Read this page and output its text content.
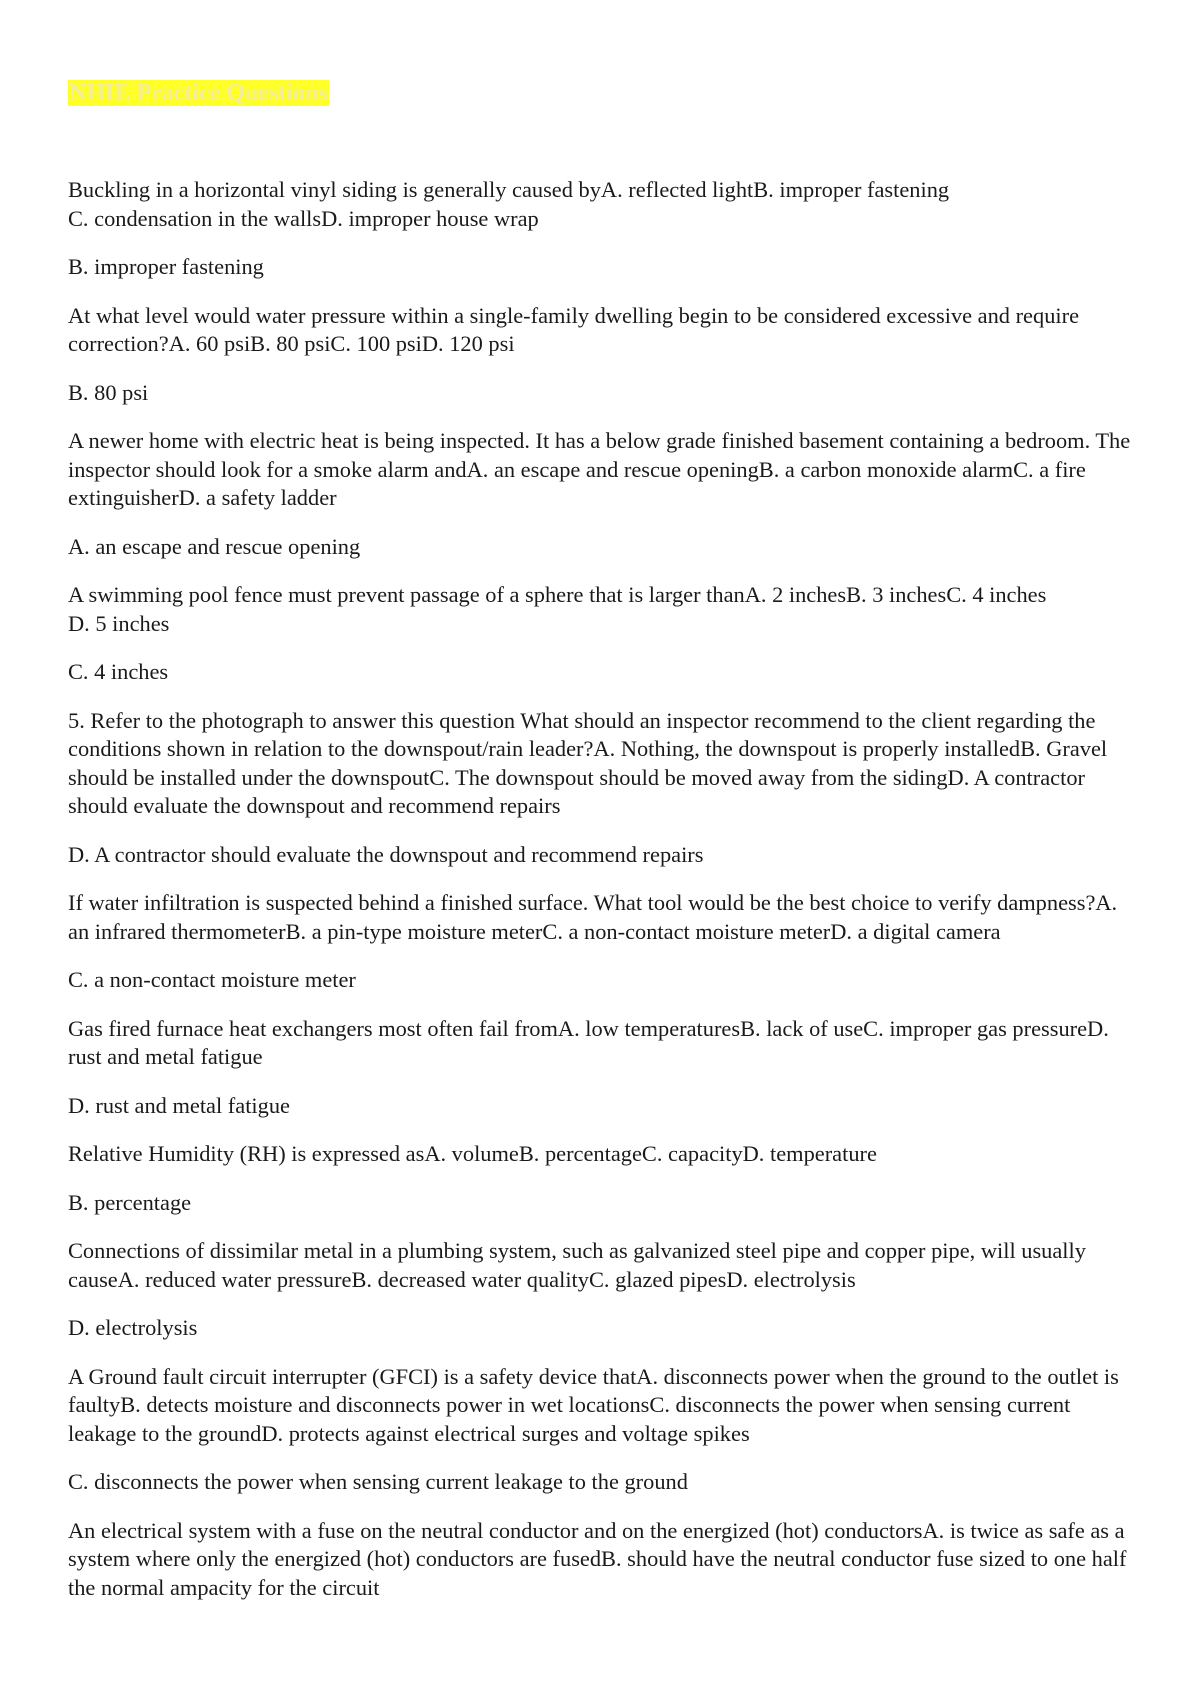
NHIE Practice Questions

Buckling in a horizontal vinyl siding is generally caused byA. reflected lightB. improper fastening
C. condensation in the wallsD. improper house wrap

B. improper fastening

At what level would water pressure within a single-family dwelling begin to be considered excessive and require correction?A. 60 psiB. 80 psiC. 100 psiD. 120 psi

B. 80 psi

A newer home with electric heat is being inspected. It has a below grade finished basement containing a bedroom. The inspector should look for a smoke alarm andA. an escape and rescue openingB. a carbon monoxide alarmC. a fire extinguisherD. a safety ladder

A. an escape and rescue opening

A swimming pool fence must prevent passage of a sphere that is larger thanA. 2 inchesB. 3 inchesC. 4 inches
D. 5 inches

C. 4 inches

5. Refer to the photograph to answer this question What should an inspector recommend to the client regarding the conditions shown in relation to the downspout/rain leader?A. Nothing, the downspout is properly installedB. Gravel should be installed under the downspoutC. The downspout should be moved away from the sidingD. A contractor should evaluate the downspout and recommend repairs

D. A contractor should evaluate the downspout and recommend repairs

If water infiltration is suspected behind a finished surface. What tool would be the best choice to verify dampness?A. an infrared thermometerB. a pin-type moisture meterC. a non-contact moisture meterD. a digital camera

C. a non-contact moisture meter

Gas fired furnace heat exchangers most often fail fromA. low temperaturesB. lack of useC. improper gas pressureD. rust and metal fatigue

D. rust and metal fatigue

Relative Humidity (RH) is expressed asA. volumeB. percentageC. capacityD. temperature

B. percentage

Connections of dissimilar metal in a plumbing system, such as galvanized steel pipe and copper pipe, will usually causeA. reduced water pressureB. decreased water qualityC. glazed pipesD. electrolysis

D. electrolysis

A Ground fault circuit interrupter (GFCI) is a safety device thatA. disconnects power when the ground to the outlet is faultyB. detects moisture and disconnects power in wet locationsC. disconnects the power when sensing current leakage to the groundD. protects against electrical surges and voltage spikes

C. disconnects the power when sensing current leakage to the ground

An electrical system with a fuse on the neutral conductor and on the energized (hot) conductorsA. is twice as safe as a system where only the energized (hot) conductors are fusedB. should have the neutral conductor fuse sized to one half the normal ampacity for the circuit
